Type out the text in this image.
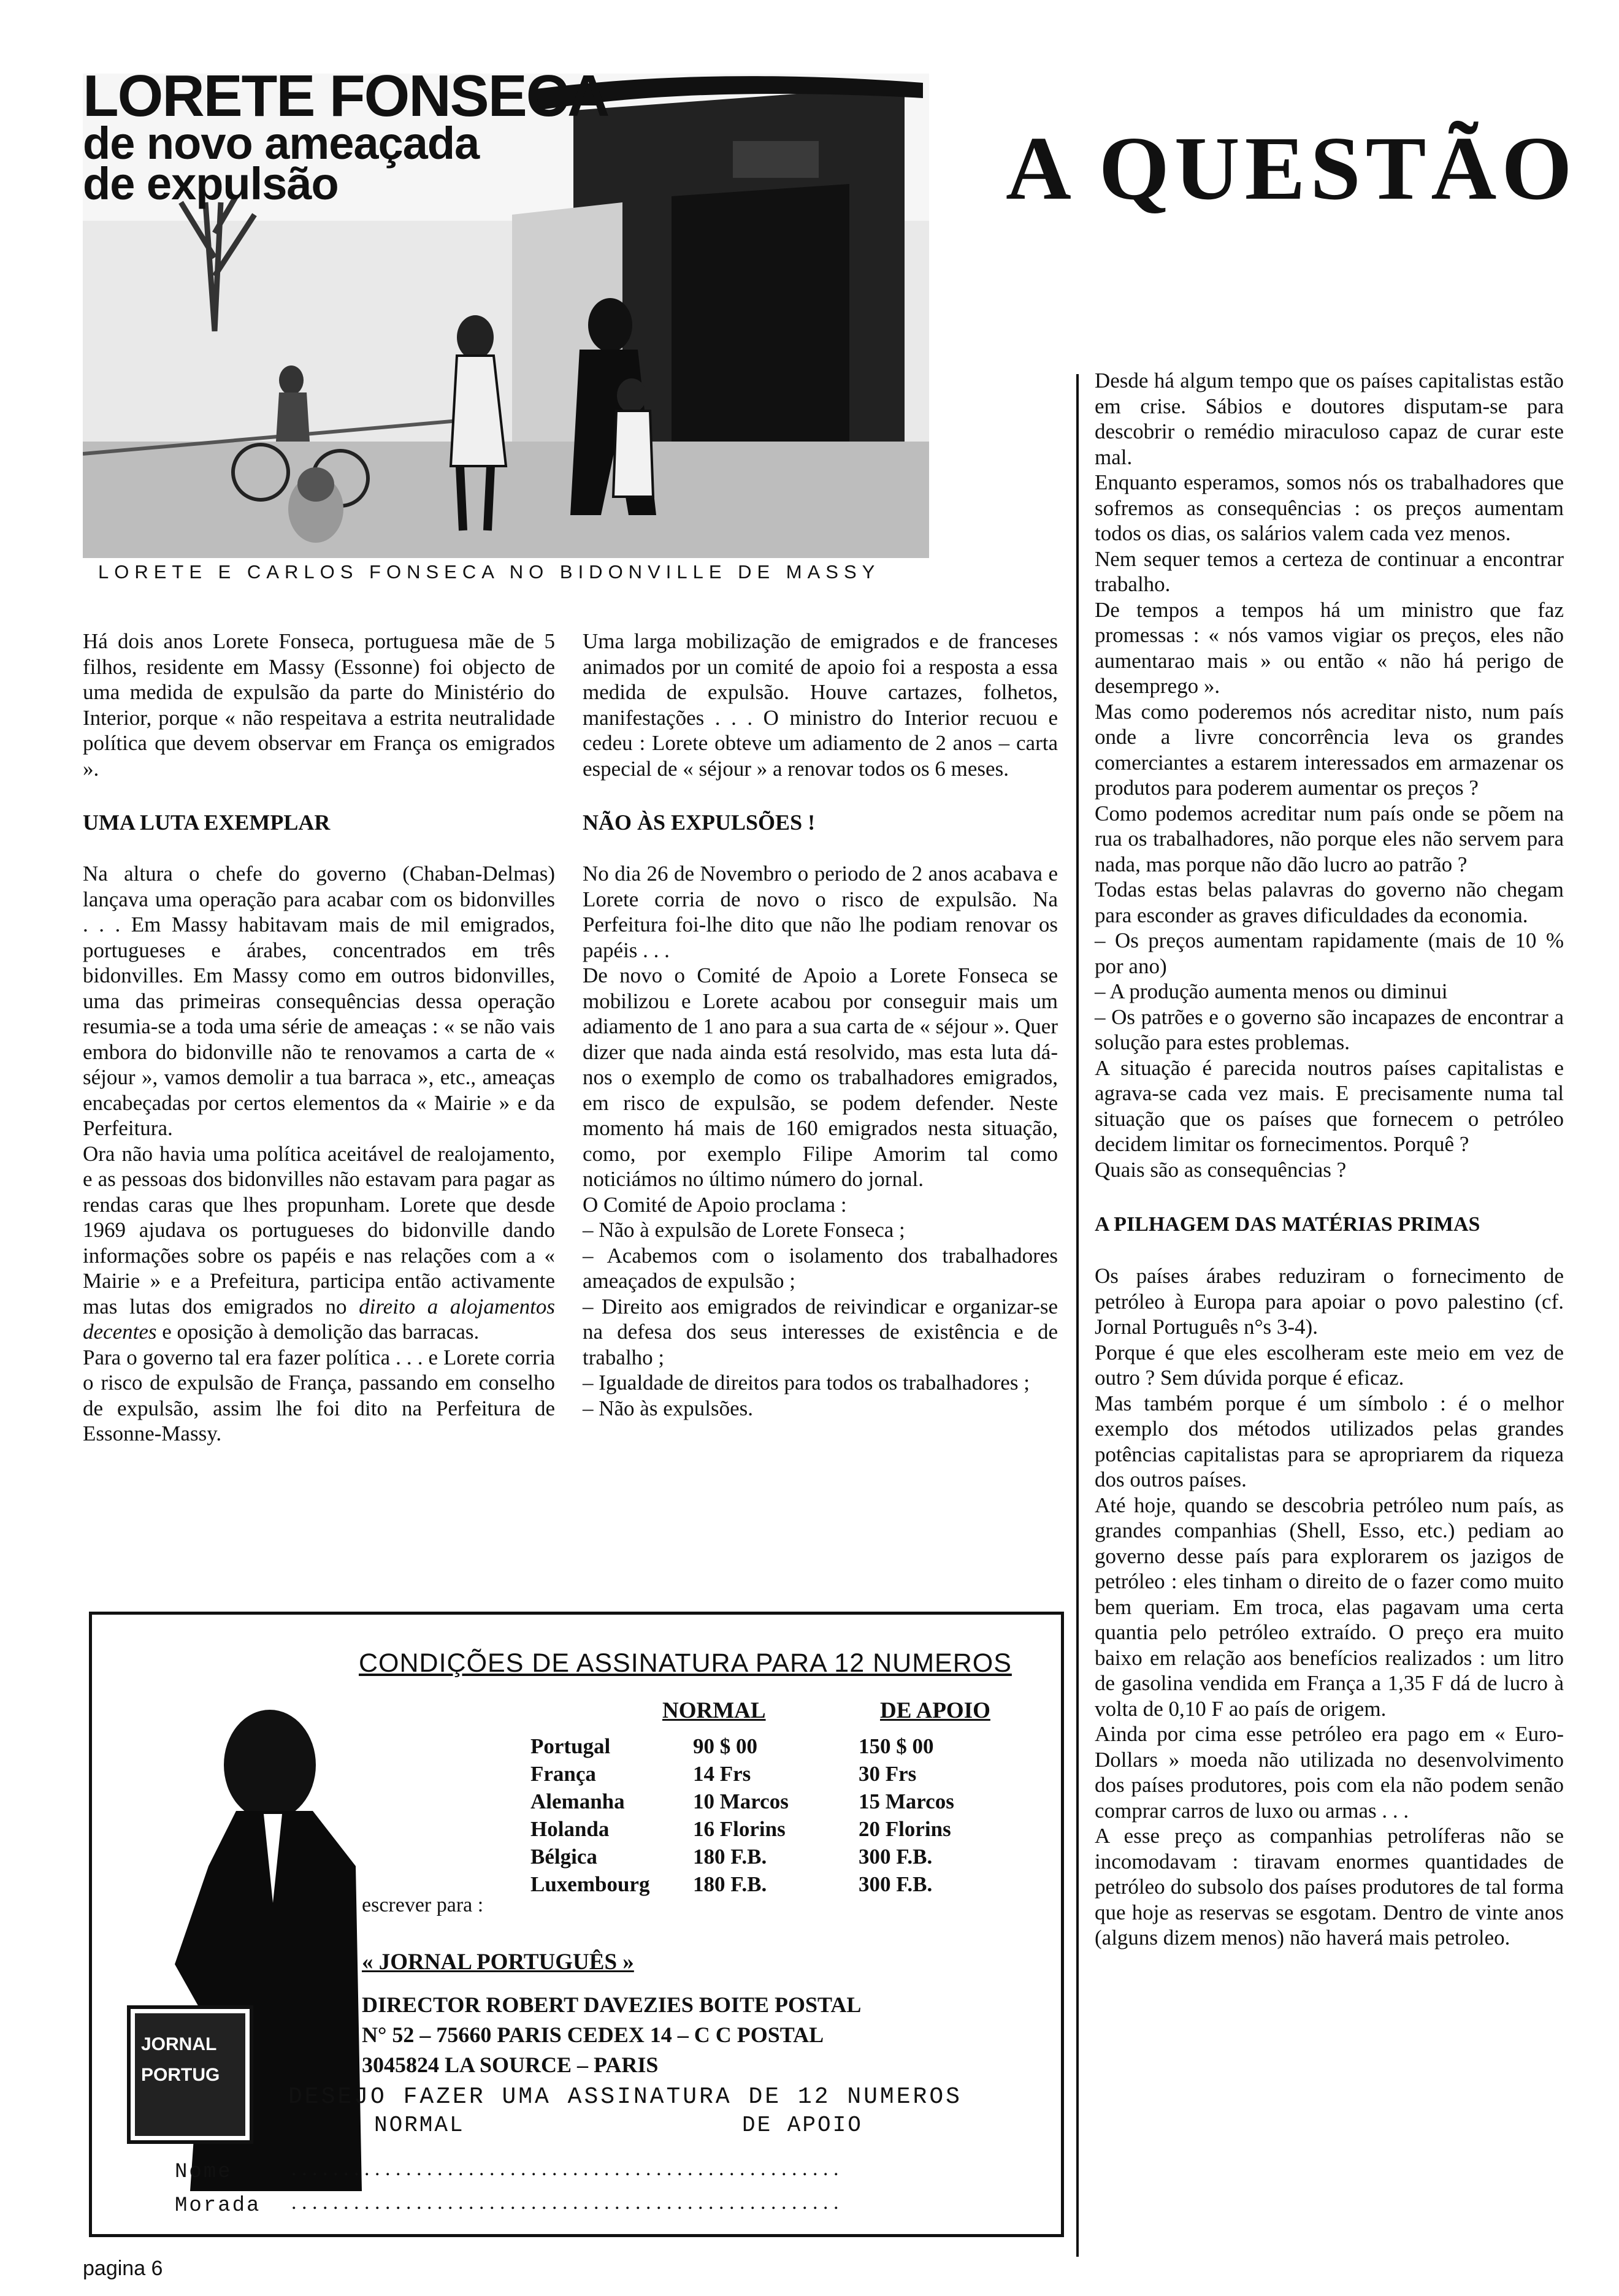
LORETE FONSECA
de novo ameaçada
de expulsão
LORETE E CARLOS FONSECA NO BIDONVILLE DE MASSY
A QUESTÃO

Há dois anos Lorete Fonseca, portuguesa mãe de 5 filhos, residente em Massy (Essonne) foi objecto de uma medida de expulsão da parte do Ministério do Interior, porque « não respeitava a estrita neutralidade política que devem observar em França os emigrados ».

UMA LUTA EXEMPLAR

Na altura o chefe do governo (Chaban-Delmas) lançava uma operação para acabar com os bidonvilles . . . Em Massy habitavam mais de mil emigrados, portugueses e árabes, concentrados em três bidonvilles. Em Massy como em outros bidonvilles, uma das primeiras consequências dessa operação resumia-se a toda uma série de ameaças : « se não vais embora do bidonville não te renovamos a carta de « séjour », vamos demolir a tua barraca », etc., ameaças encabeçadas por certos elementos da « Mairie » e da Perfeitura.

Ora não havia uma política aceitável de realojamento, e as pessoas dos bidonvilles não estavam para pagar as rendas caras que lhes propunham. Lorete que desde 1969 ajudava os portugueses do bidonville dando informações sobre os papéis e nas relações com a « Mairie » e a Prefeitura, participa então activamente mas lutas dos emigrados no direito a alojamentos decentes e oposição à demolição das barracas.

Para o governo tal era fazer política . . . e Lorete corria o risco de expulsão de França, passando em conselho de expulsão, assim lhe foi dito na Perfeitura de Essonne-Massy.

Uma larga mobilização de emigrados e de franceses animados por un comité de apoio foi a resposta a essa medida de expulsão. Houve cartazes, folhetos, manifestações . . . O ministro do Interior recuou e cedeu : Lorete obteve um adiamento de 2 anos – carta especial de « séjour » a renovar todos os 6 meses.

NÃO ÀS EXPULSÕES !

No dia 26 de Novembro o periodo de 2 anos acabava e Lorete corria de novo o risco de expulsão. Na Perfeitura foi-lhe dito que não lhe podiam renovar os papéis . . .

De novo o Comité de Apoio a Lorete Fonseca se mobilizou e Lorete acabou por conseguir mais um adiamento de 1 ano para a sua carta de « séjour ». Quer dizer que nada ainda está resolvido, mas esta luta dá-nos o exemplo de como os trabalhadores emigrados, em risco de expulsão, se podem defender. Neste momento há mais de 160 emigrados nesta situação, como, por exemplo Filipe Amorim tal como noticiámos no último número do jornal.

O Comité de Apoio proclama :

– Não à expulsão de Lorete Fonseca ;

– Acabemos com o isolamento dos trabalhadores ameaçados de expulsão ;

– Direito aos emigrados de reivindicar e organizar-se na defesa dos seus interesses de existência e de trabalho ;

– Igualdade de direitos para todos os trabalhadores ;

– Não às expulsões.

JORNAL
PORTUG
CONDIÇÕES DE ASSINATURA PARA 12 NUMEROS
NORMAL	DE APOIO
Portugal	90 $ 00	150 $ 00
França	14 Frs	30 Frs
Alemanha	10 Marcos	15 Marcos
Holanda	16 Florins	20 Florins
Bélgica	180 F.B.	300 F.B.
Luxembourg	180 F.B.	300 F.B.
escrever para :
« JORNAL PORTUGUÊS »
DIRECTOR ROBERT DAVEZIES BOITE POSTAL
N° 52 – 75660 PARIS CEDEX 14 – C C POSTAL
3045824 LA SOURCE – PARIS
DESEJO FAZER UMA ASSINATURA DE 12 NUMEROS
NORMAL	DE APOIO
Nome	. . . . . . . . . . . . . . . . . . . . . . . . . . . . . . . . . . . . . . . . . . . . . . . . . . . . .
Morada . . . . . . . . . . . . . . . . . . . . . . . . . . . . . . . . . . . . . . . . . . . . . . . . . . . . .

Desde há algum tempo que os países capitalistas estão em crise. Sábios e doutores disputam-se para descobrir o remédio miraculoso capaz de curar este mal.

Enquanto esperamos, somos nós os trabalhadores que sofremos as consequências : os preços aumentam todos os dias, os salários valem cada vez menos.

Nem sequer temos a certeza de continuar a encontrar trabalho.

De tempos a tempos há um ministro que faz promessas : « nós vamos vigiar os preços, eles não aumentarao mais » ou então « não há perigo de desemprego ».

Mas como poderemos nós acreditar nisto, num país onde a livre concorrência leva os grandes comerciantes a estarem interessados em armazenar os produtos para poderem aumentar os preços ?

Como podemos acreditar num país onde se põem na rua os trabalhadores, não porque eles não servem para nada, mas porque não dão lucro ao patrão ?

Todas estas belas palavras do governo não chegam para esconder as graves dificuldades da economia.

– Os preços aumentam rapidamente (mais de 10 % por ano)

– A produção aumenta menos ou diminui

– Os patrões e o governo são incapazes de encontrar a solução para estes problemas.

A situação é parecida noutros países capitalistas e agrava-se cada vez mais. E precisamente numa tal situação que os países que fornecem o petróleo decidem limitar os fornecimentos. Porquê ?

Quais são as consequências ?

A PILHAGEM DAS MATÉRIAS PRIMAS

Os países árabes reduziram o fornecimento de petróleo à Europa para apoiar o povo palestino (cf. Jornal Português n°s 3-4).

Porque é que eles escolheram este meio em vez de outro ? Sem dúvida porque é eficaz.

Mas também porque é um símbolo : é o melhor exemplo dos métodos utilizados pelas grandes potências capitalistas para se apropriarem da riqueza dos outros países.

Até hoje, quando se descobria petróleo num país, as grandes companhias (Shell, Esso, etc.) pediam ao governo desse país para explorarem os jazigos de petróleo : eles tinham o direito de o fazer como muito bem queriam. Em troca, elas pagavam uma certa quantia pelo petróleo extraído. O preço era muito baixo em relação aos benefícios realizados : um litro de gasolina vendida em França a 1,35 F dá de lucro à volta de 0,10 F ao país de origem.

Ainda por cima esse petróleo era pago em « Euro-Dollars » moeda não utilizada no desenvolvimento dos países produtores, pois com ela não podem senão comprar carros de luxo ou armas . . .

A esse preço as companhias petrolíferas não se incomodavam : tiravam enormes quantidades de petróleo do subsolo dos países produtores de tal forma que hoje as reservas se esgotam. Dentro de vinte anos (alguns dizem menos) não haverá mais petroleo.

pagina 6
